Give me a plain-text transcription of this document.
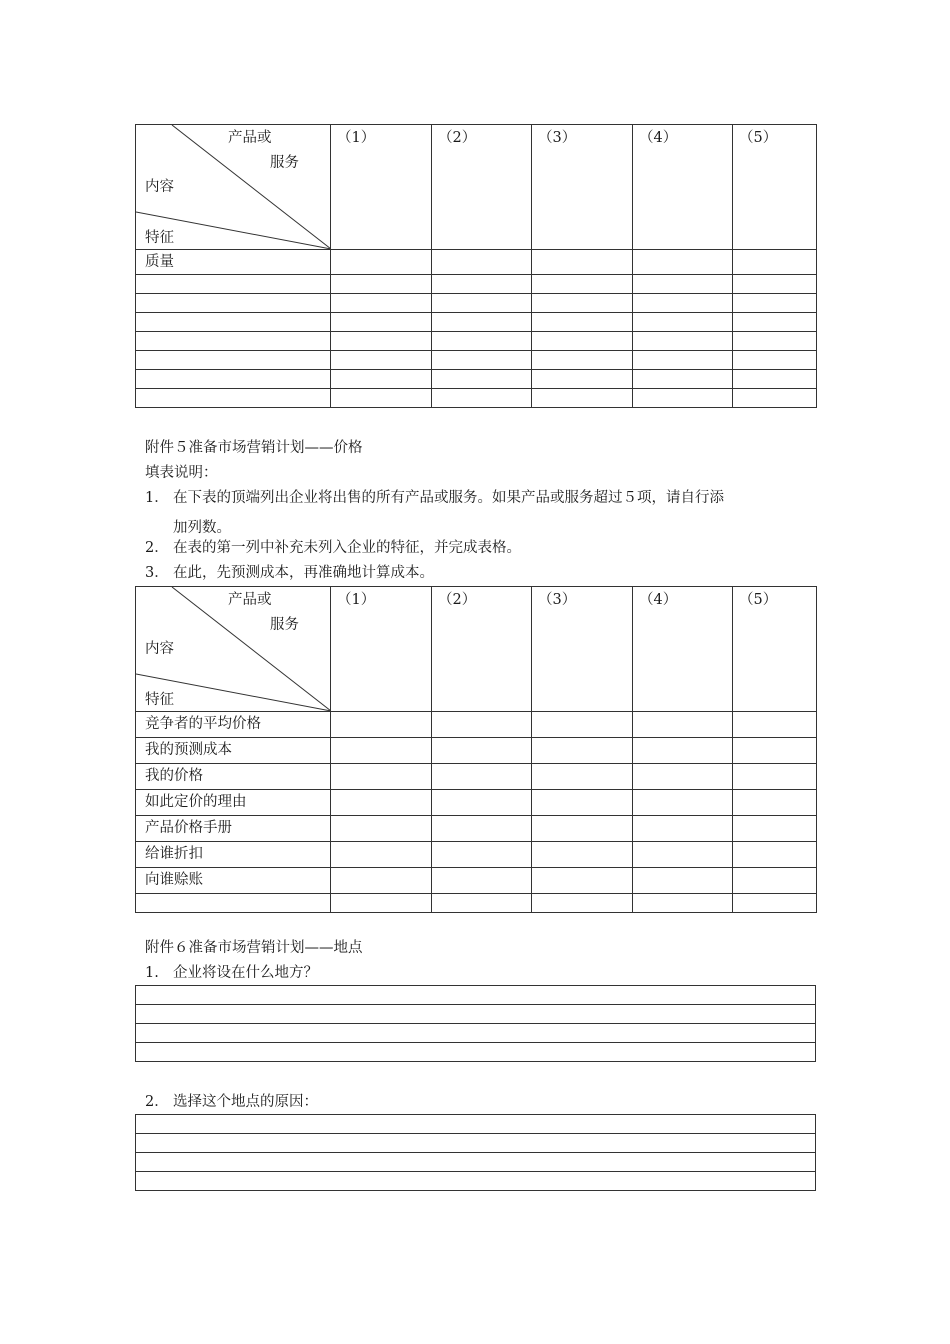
产品或
服务
内容
特征	（1）	（2）	（3）	（4）	（5）
质量					

附件５准备市场营销计划——价格
填表说明：
1． 在下表的顶端列出企业将出售的所有产品或服务。如果产品或服务超过５项，请自行添
加列数。
2． 在表的第一列中补充未列入企业的特征，并完成表格。
3． 在此，先预测成本，再准确地计算成本。
产品或
服务
内容
特征	（1）	（2）	（3）	（4）	（5）
竞争者的平均价格					
我的预测成本					
我的价格					
如此定价的理由					
产品价格手册					
给谁折扣					
向谁赊账					

附件６准备市场营销计划——地点
1. 企业将设在什么地方？

2． 选择这个地点的原因：
